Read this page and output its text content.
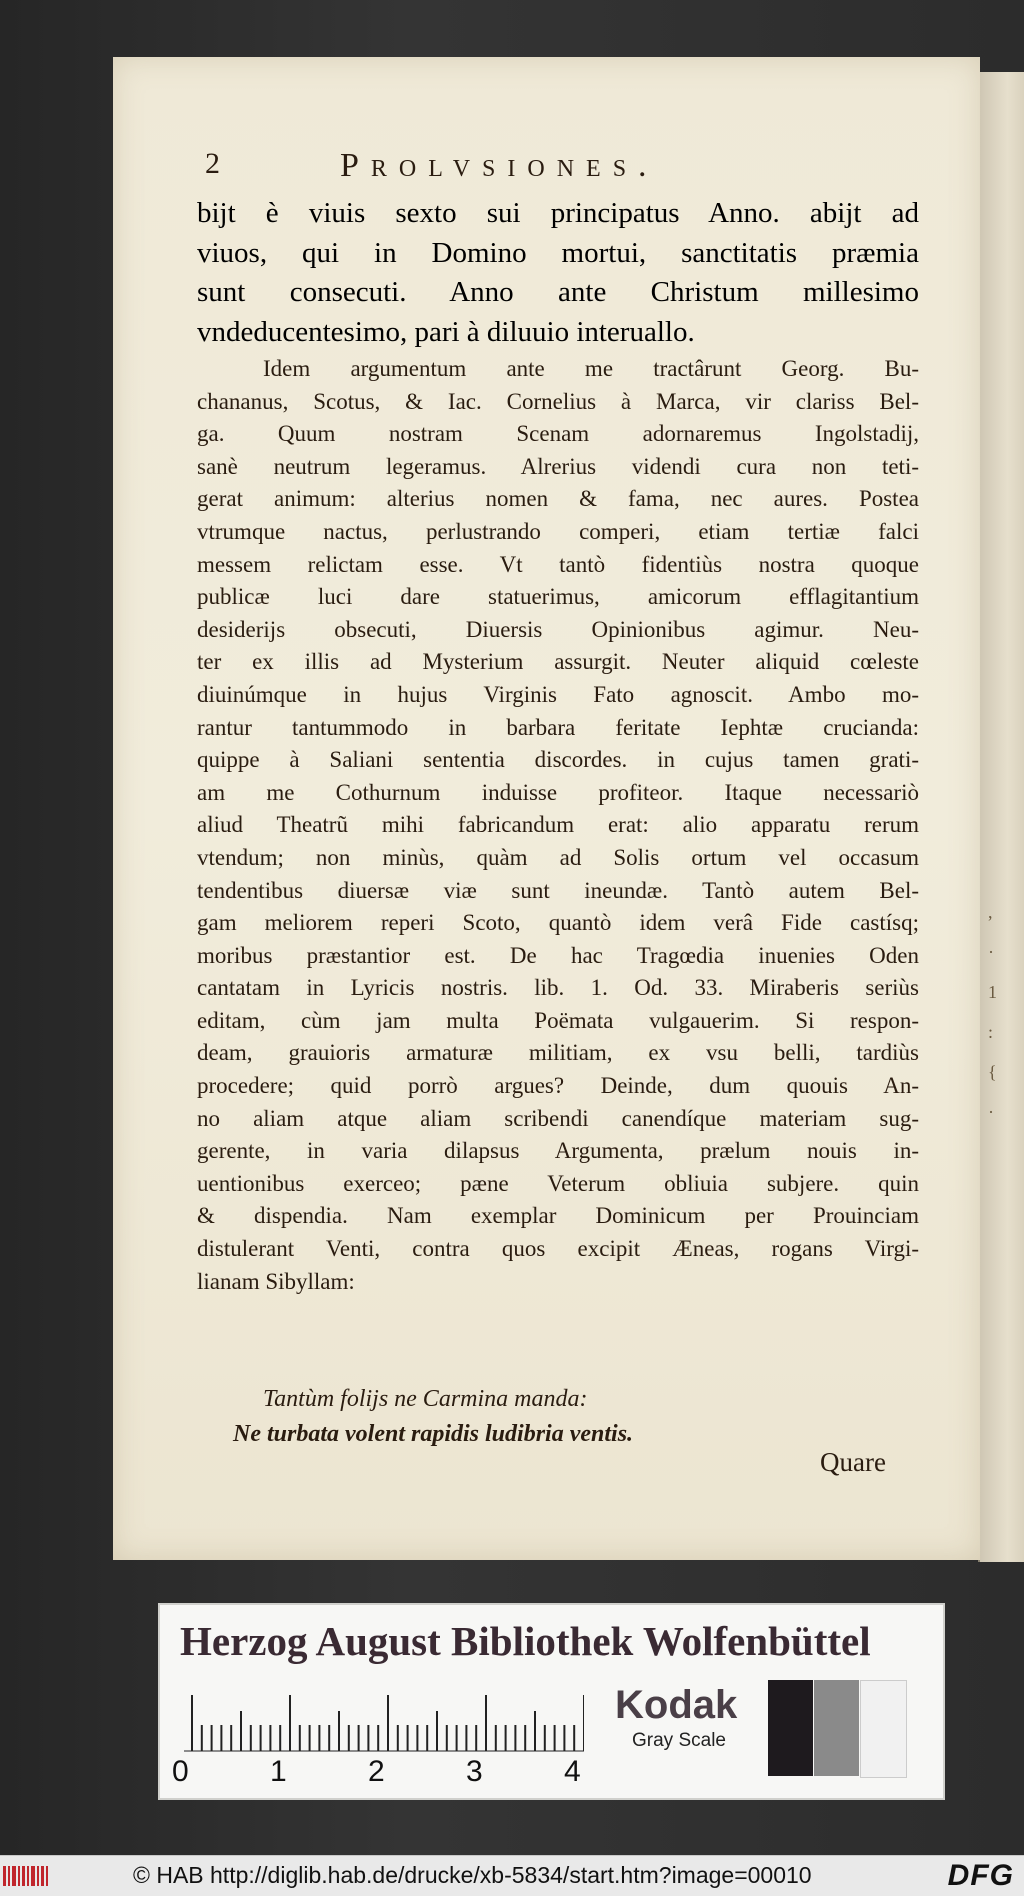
,
·
1
:
{
·
2	Prolvsiones.
bijt è viuis sexto sui principatus Anno. abijt ad
viuos, qui in Domino mortui, sanctitatis præmia
sunt consecuti. Anno ante Christum millesimo
vndeducentesimo, pari à diluuio interuallo.
Idem argumentum ante me tractârunt Georg. Bu-
chananus, Scotus, & Iac. Cornelius à Marca, vir clariss Bel-
ga. Quum nostram Scenam adornaremus Ingolstadij,
sanè neutrum legeramus. Alrerius videndi cura non teti-
gerat animum: alterius nomen & fama, nec aures. Postea
vtrumque nactus, perlustrando comperi, etiam tertiæ falci
messem relictam esse. Vt tantò fidentiùs nostra quoque
publicæ luci dare statuerimus, amicorum efflagitantium
desiderijs obsecuti, Diuersis Opinionibus agimur. Neu-
ter ex illis ad Mysterium assurgit. Neuter aliquid cœleste
diuinúmque in hujus Virginis Fato agnoscit. Ambo mo-
rantur tantummodo in barbara feritate Iephtæ crucianda:
quippe à Saliani sententia discordes. in cujus tamen grati-
am me Cothurnum induisse profiteor. Itaque necessariò
aliud Theatrũ mihi fabricandum erat: alio apparatu rerum
vtendum; non minùs, quàm ad Solis ortum vel occasum
tendentibus diuersæ viæ sunt ineundæ. Tantò autem Bel-
gam meliorem reperi Scoto, quantò idem verâ Fide castísq;
moribus præstantior est. De hac Tragœdia inuenies Oden
cantatam in Lyricis nostris. lib. 1. Od. 33. Miraberis seriùs
editam, cùm jam multa Poëmata vulgauerim. Si respon-
deam, grauioris armaturæ militiam, ex vsu belli, tardiùs
procedere; quid porrò argues? Deinde, dum quouis An-
no aliam atque aliam scribendi canendíque materiam sug-
gerente, in varia dilapsus Argumenta, prælum nouis in-
uentionibus exerceo; pæne Veterum obliuia subjere. quin
& dispendia. Nam exemplar Dominicum per Prouinciam
distulerant Venti, contra quos excipit Æneas, rogans Virgi-
lianam Sibyllam:
Tantùm folijs ne Carmina manda:
Ne turbata volent rapidis ludibria ventis.
Quare
Herzog August Bibliothek Wolfenbüttel
0	1	2	3	4
Kodak
Gray Scale
© HAB http://diglib.hab.de/drucke/xb-5834/start.htm?image=00010	DFG
